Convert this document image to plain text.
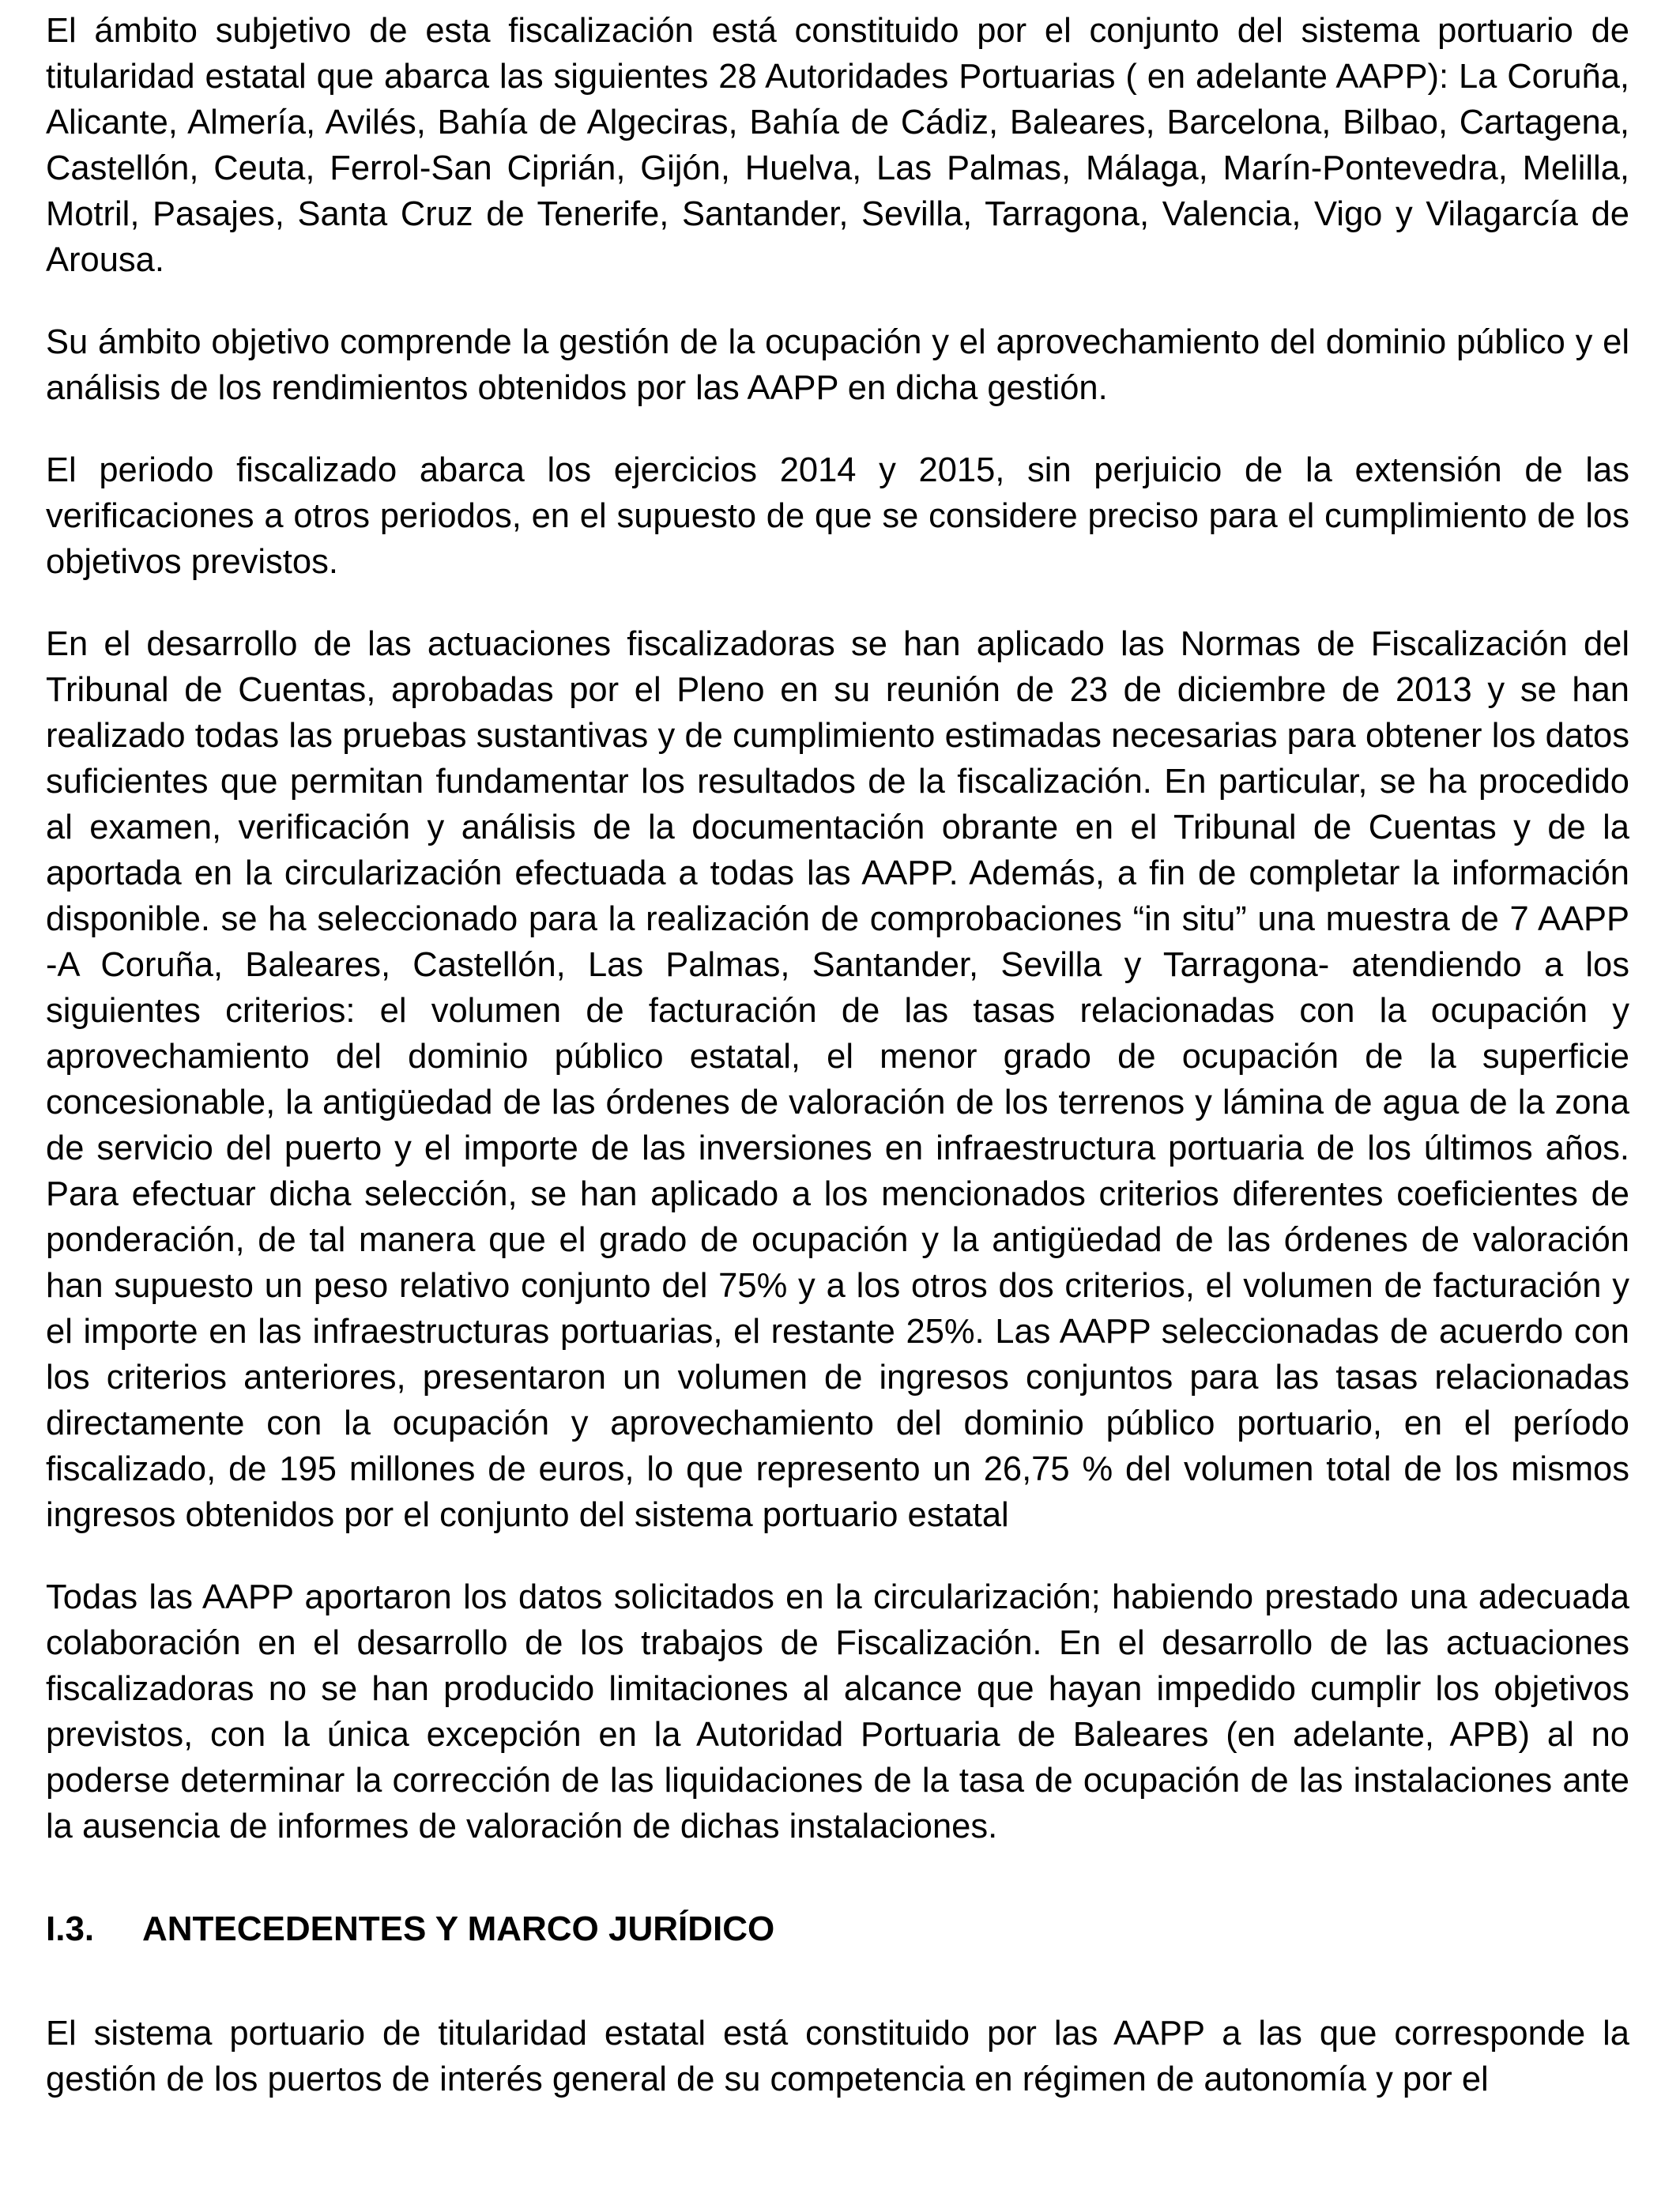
El ámbito subjetivo de esta fiscalización está constituido por el conjunto del sistema portuario de titularidad estatal que abarca las siguientes 28 Autoridades Portuarias ( en adelante AAPP): La Coruña, Alicante, Almería, Avilés, Bahía de Algeciras, Bahía de Cádiz, Baleares, Barcelona, Bilbao, Cartagena, Castellón, Ceuta, Ferrol-San Ciprián, Gijón, Huelva, Las Palmas, Málaga, Marín-Pontevedra, Melilla, Motril, Pasajes, Santa Cruz de Tenerife, Santander, Sevilla, Tarragona, Valencia, Vigo y Vilagarcía de Arousa.

Su ámbito objetivo comprende la gestión de la ocupación y el aprovechamiento del dominio público y el análisis de los rendimientos obtenidos por las AAPP en dicha gestión.

El periodo fiscalizado abarca los ejercicios 2014 y 2015, sin perjuicio de la extensión de las verificaciones a otros periodos, en el supuesto de que se considere preciso para el cumplimiento de los objetivos previstos.

En el desarrollo de las actuaciones fiscalizadoras se han aplicado las Normas de Fiscalización del Tribunal de Cuentas, aprobadas por el Pleno en su reunión de 23 de diciembre de 2013 y se han realizado todas las pruebas sustantivas y de cumplimiento estimadas necesarias para obtener los datos suficientes que permitan fundamentar los resultados de la fiscalización. En particular, se ha procedido al examen, verificación y análisis de la documentación obrante en el Tribunal de Cuentas y de la aportada en la circularización efectuada a todas las AAPP. Además, a fin de completar la información disponible. se ha seleccionado para la realización de comprobaciones “in situ” una muestra de 7 AAPP -A Coruña, Baleares, Castellón, Las Palmas, Santander, Sevilla y Tarragona- atendiendo a los siguientes criterios: el volumen de facturación de las tasas relacionadas con la ocupación y aprovechamiento del dominio público estatal, el menor grado de ocupación de la superficie concesionable, la antigüedad de las órdenes de valoración de los terrenos y lámina de agua de la zona de servicio del puerto y el importe de las inversiones en infraestructura portuaria de los últimos años. Para efectuar dicha selección, se han aplicado a los mencionados criterios diferentes coeficientes de ponderación, de tal manera que el grado de ocupación y la antigüedad de las órdenes de valoración han supuesto un peso relativo conjunto del 75% y a los otros dos criterios, el volumen de facturación y el importe en las infraestructuras portuarias, el restante 25%. Las AAPP seleccionadas de acuerdo con los criterios anteriores, presentaron un volumen de ingresos conjuntos para las tasas relacionadas directamente con la ocupación y aprovechamiento del dominio público portuario, en el período fiscalizado, de 195 millones de euros, lo que represento un 26,75 % del volumen total de los mismos ingresos obtenidos por el conjunto del sistema portuario estatal

Todas las AAPP aportaron los datos solicitados en la circularización; habiendo prestado una adecuada colaboración en el desarrollo de los trabajos de Fiscalización. En el desarrollo de las actuaciones fiscalizadoras no se han producido limitaciones al alcance que hayan impedido cumplir los objetivos previstos, con la única excepción en la Autoridad Portuaria de Baleares (en adelante, APB) al no poderse determinar la corrección de las liquidaciones de la tasa de ocupación de las instalaciones ante la ausencia de informes de valoración de dichas instalaciones.

I.3.	ANTECEDENTES Y MARCO JURÍDICO

El sistema portuario de titularidad estatal está constituido por las AAPP a las que corresponde la gestión de los puertos de interés general de su competencia en régimen de autonomía y por el
